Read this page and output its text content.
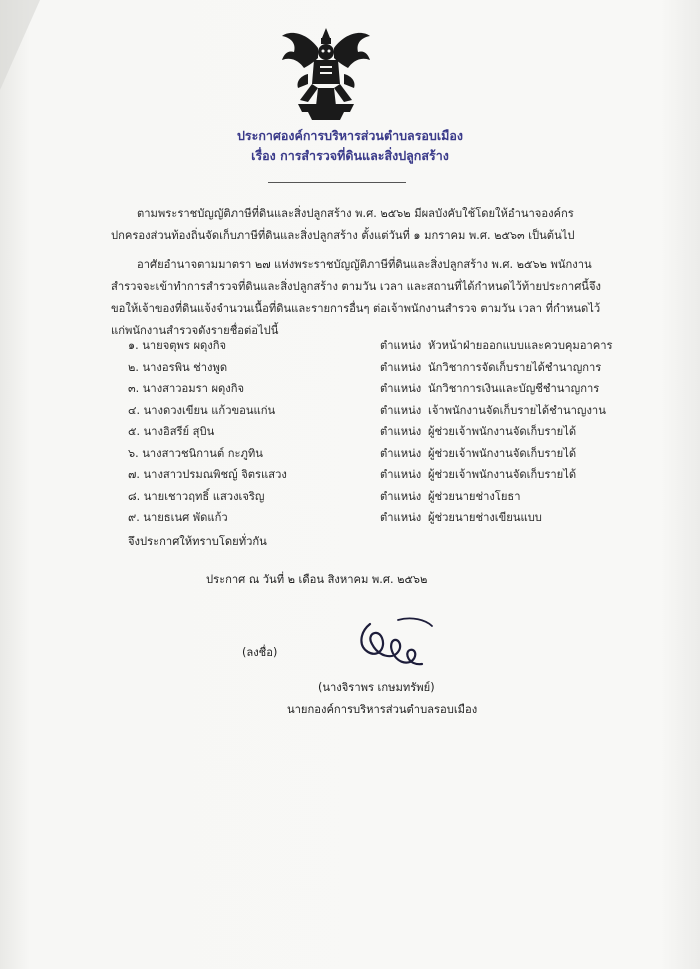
ประกาศองค์การบริหารส่วนตำบลรอบเมือง
เรื่อง การสำรวจที่ดินและสิ่งปลูกสร้าง
ตามพระราชบัญญัติภาษีที่ดินและสิ่งปลูกสร้าง พ.ศ. ๒๕๖๒ มีผลบังคับใช้โดยให้อำนาจองค์กรปกครองส่วนท้องถิ่นจัดเก็บภาษีที่ดินและสิ่งปลูกสร้าง ตั้งแต่วันที่ ๑ มกราคม พ.ศ. ๒๕๖๓ เป็นต้นไป
อาศัยอำนาจตามมาตรา ๒๗ แห่งพระราชบัญญัติภาษีที่ดินและสิ่งปลูกสร้าง พ.ศ. ๒๕๖๒ พนักงานสำรวจจะเข้าทำการสำรวจที่ดินและสิ่งปลูกสร้าง ตามวัน เวลา และสถานที่ได้กำหนดไว้ท้ายประกาศนี้จึงขอให้เจ้าของที่ดินแจ้งจำนวนเนื้อที่ดินและรายการอื่นๆ ต่อเจ้าพนักงานสำรวจ ตามวัน เวลา ที่กำหนดไว้แก่พนักงานสำรวจดังรายชื่อต่อไปนี้
๑. นายจตุพร ผดุงกิจ	ตำแหน่ง หัวหน้าฝ่ายออกแบบและควบคุมอาคาร
๒. นางอรพิน ช่างพูด	ตำแหน่ง นักวิชาการจัดเก็บรายได้ชำนาญการ
๓. นางสาวอมรา ผดุงกิจ	ตำแหน่ง นักวิชาการเงินและบัญชีชำนาญการ
๔. นางดวงเขียน แก้วขอนแก่น	ตำแหน่ง เจ้าพนักงานจัดเก็บรายได้ชำนาญงาน
๕. นางอิสรีย์ สุบิน	ตำแหน่ง ผู้ช่วยเจ้าพนักงานจัดเก็บรายได้
๖. นางสาวชนิกานต์ กะภูทิน	ตำแหน่ง ผู้ช่วยเจ้าพนักงานจัดเก็บรายได้
๗. นางสาวปรมณพิชญ์ จิตรแสวง	ตำแหน่ง ผู้ช่วยเจ้าพนักงานจัดเก็บรายได้
๘. นายเชาวฤทธิ์ แสวงเจริญ	ตำแหน่ง ผู้ช่วยนายช่างโยธา
๙. นายธเนศ พัดแก้ว	ตำแหน่ง ผู้ช่วยนายช่างเขียนแบบ
จึงประกาศให้ทราบโดยทั่วกัน
ประกาศ ณ วันที่ ๒ เดือน สิงหาคม พ.ศ. ๒๕๖๒
(ลงชื่อ)
(นางจิราพร เกษมทรัพย์)
นายกองค์การบริหารส่วนตำบลรอบเมือง
